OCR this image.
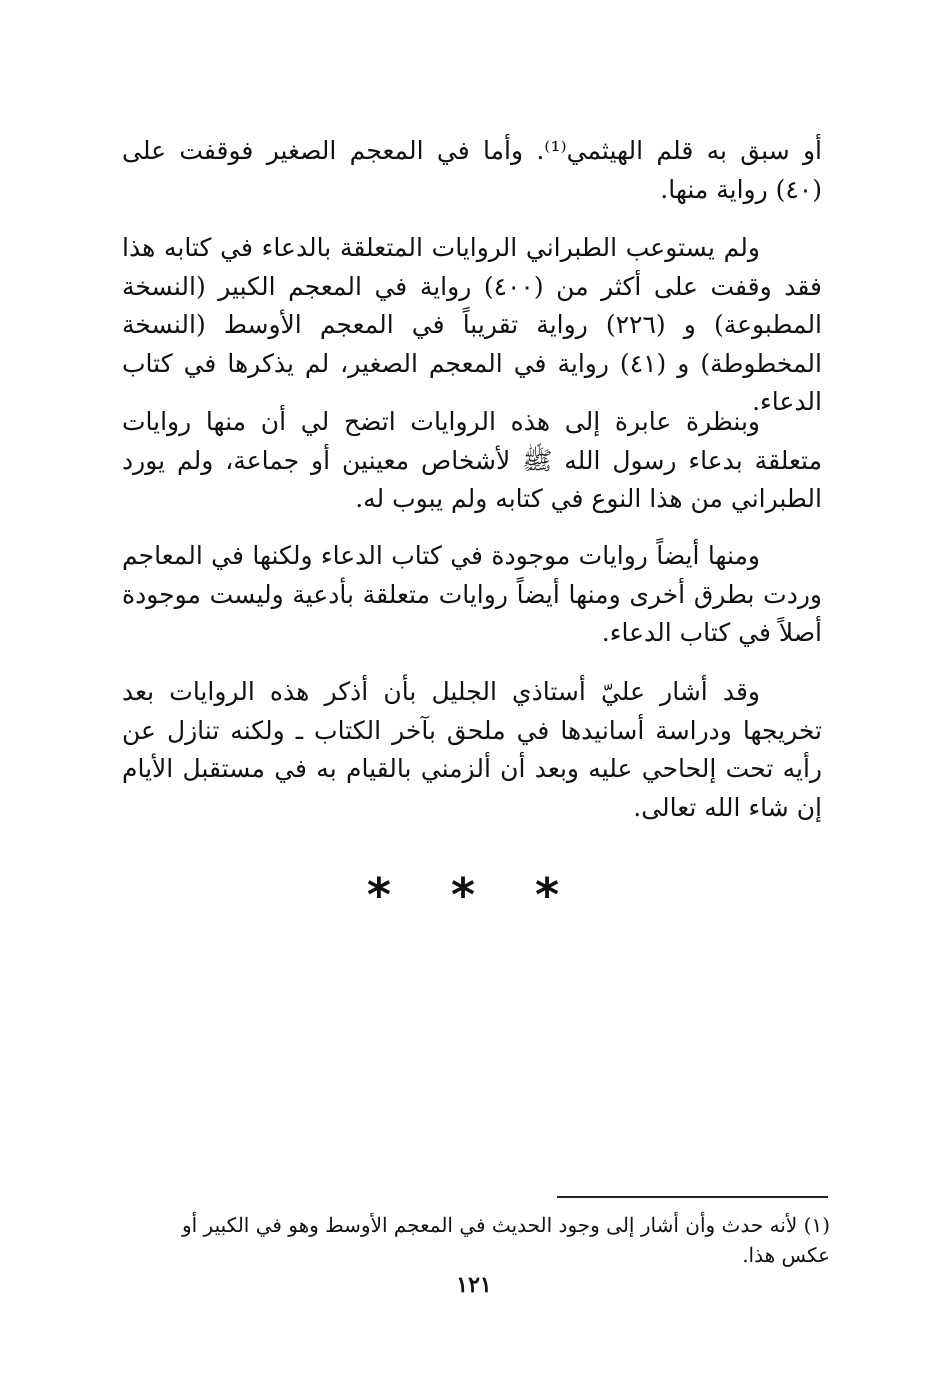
أو سبق به قلم الهيثمي⁽¹⁾. وأما في المعجم الصغير فوقفت على (٤٠) رواية منها.

ولم يستوعب الطبراني الروايات المتعلقة بالدعاء في كتابه هذا فقد وقفت على أكثر من (٤٠٠) رواية في المعجم الكبير (النسخة المطبوعة) و (٢٢٦) رواية تقريباً في المعجم الأوسط (النسخة المخطوطة) و (٤١) رواية في المعجم الصغير، لم يذكرها في كتاب الدعاء.

وبنظرة عابرة إلى هذه الروايات اتضح لي أن منها روايات متعلقة بدعاء رسول الله ﷺ لأشخاص معينين أو جماعة، ولم يورد الطبراني من هذا النوع في كتابه ولم يبوب له.

ومنها أيضاً روايات موجودة في كتاب الدعاء ولكنها في المعاجم وردت بطرق أخرى ومنها أيضاً روايات متعلقة بأدعية وليست موجودة أصلاً في كتاب الدعاء.

وقد أشار عليّ أستاذي الجليل بأن أذكر هذه الروايات بعد تخريجها ودراسة أسانيدها في ملحق بآخر الكتاب ـ ولكنه تنازل عن رأيه تحت إلحاحي عليه وبعد أن ألزمني بالقيام به في مستقبل الأيام إن شاء الله تعالى.

* * *
(١) لأنه حدث وأن أشار إلى وجود الحديث في المعجم الأوسط وهو في الكبير أو عكس هذا.
١٢١
